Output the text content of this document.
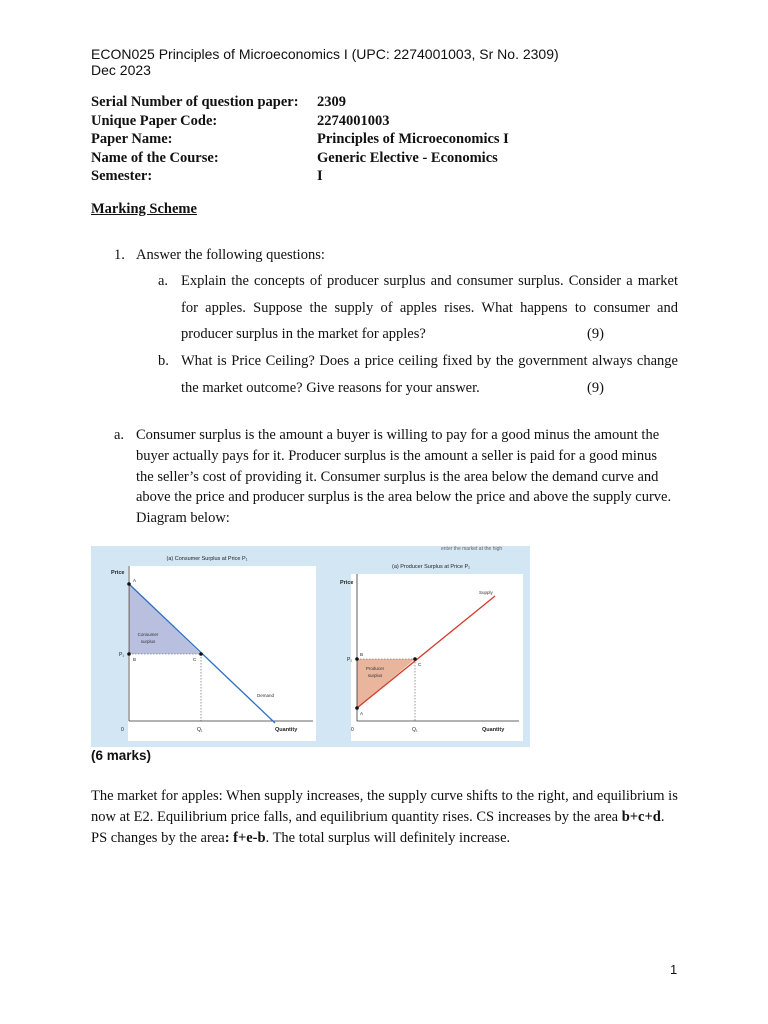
ECON025 Principles of Microeconomics I (UPC: 2274001003, Sr No. 2309)
Dec 2023
Serial Number of question paper:	2309
Unique Paper Code:	2274001003
Paper Name:	Principles of Microeconomics I
Name of the Course:	Generic Elective - Economics
Semester:	I
Marking Scheme
1. Answer the following questions:
a. Explain the concepts of producer surplus and consumer surplus. Consider a market
for apples. Suppose the supply of apples rises. What happens to consumer and
producer surplus in the market for apples?	(9)
b. What is Price Ceiling? Does a price ceiling fixed by the government always change
the market outcome? Give reasons for your answer.	(9)
a. Consumer surplus is the amount a buyer is willing to pay for a good minus the amount the buyer actually pays for it. Producer surplus is the amount a seller is paid for a good minus the seller’s cost of providing it. Consumer surplus is the area below the demand curve and above the price and producer surplus is the area below the price and above the supply curve. Diagram below:
(a) Consumer Surplus at Price P₁
Price
A
B	C
P₁
Consumer
surplus
Demand
0	Q₁	Quantity
enter the market at the high
(a) Producer Surplus at Price P₁
Price
A
B
C
P₁
Producer
surplus
Supply
0	Q₁	Quantity
(6 marks)
The market for apples: When supply increases, the supply curve shifts to the right, and equilibrium is now at E2. Equilibrium price falls, and equilibrium quantity rises. CS increases by the area b+c+d. PS changes by the area: f+e-b. The total surplus will definitely increase.
1
